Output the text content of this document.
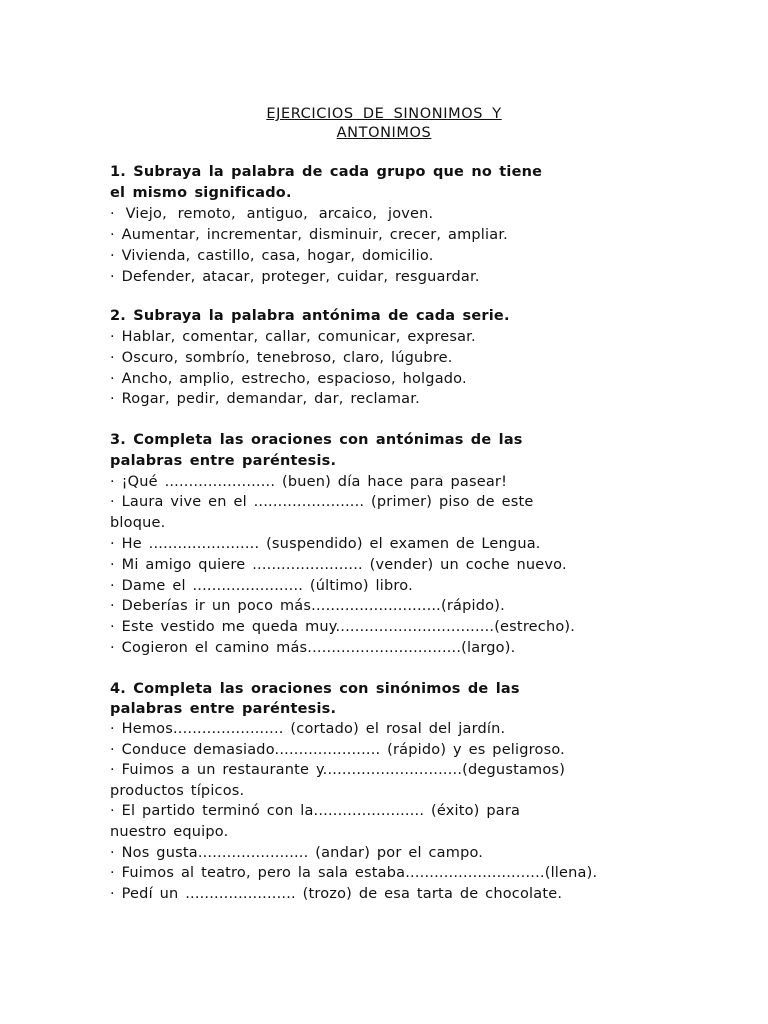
EJERCICIOS DE SINONIMOS Y
ANTONIMOS
1. Subraya la palabra de cada grupo que no tiene
el mismo significado.
· Viejo, remoto, antiguo, arcaico, joven.
· Aumentar, incrementar, disminuir, crecer, ampliar.
· Vivienda, castillo, casa, hogar, domicilio.
· Defender, atacar, proteger, cuidar, resguardar.
2. Subraya la palabra antónima de cada serie.
· Hablar, comentar, callar, comunicar, expresar.
· Oscuro, sombrío, tenebroso, claro, lúgubre.
· Ancho, amplio, estrecho, espacioso, holgado.
· Rogar, pedir, demandar, dar, reclamar.
3. Completa las oraciones con antónimas de las
palabras entre paréntesis.
· ¡Qué ....................... (buen) día hace para pasear!
· Laura vive en el ....................... (primer) piso de este
bloque.
· He ....................... (suspendido) el examen de Lengua.
· Mi amigo quiere ....................... (vender) un coche nuevo.
· Dame el ....................... (último) libro.
· Deberías ir un poco más...........................(rápido).
· Este vestido me queda muy.................................(estrecho).
· Cogieron el camino más................................(largo).
4. Completa las oraciones con sinónimos de las
palabras entre paréntesis.
· Hemos....................... (cortado) el rosal del jardín.
· Conduce demasiado...................... (rápido) y es peligroso.
· Fuimos a un restaurante y.............................(degustamos)
productos típicos.
· El partido terminó con la....................... (éxito) para
nuestro equipo.
· Nos gusta....................... (andar) por el campo.
· Fuimos al teatro, pero la sala estaba.............................(llena).
· Pedí un ....................... (trozo) de esa tarta de chocolate.
